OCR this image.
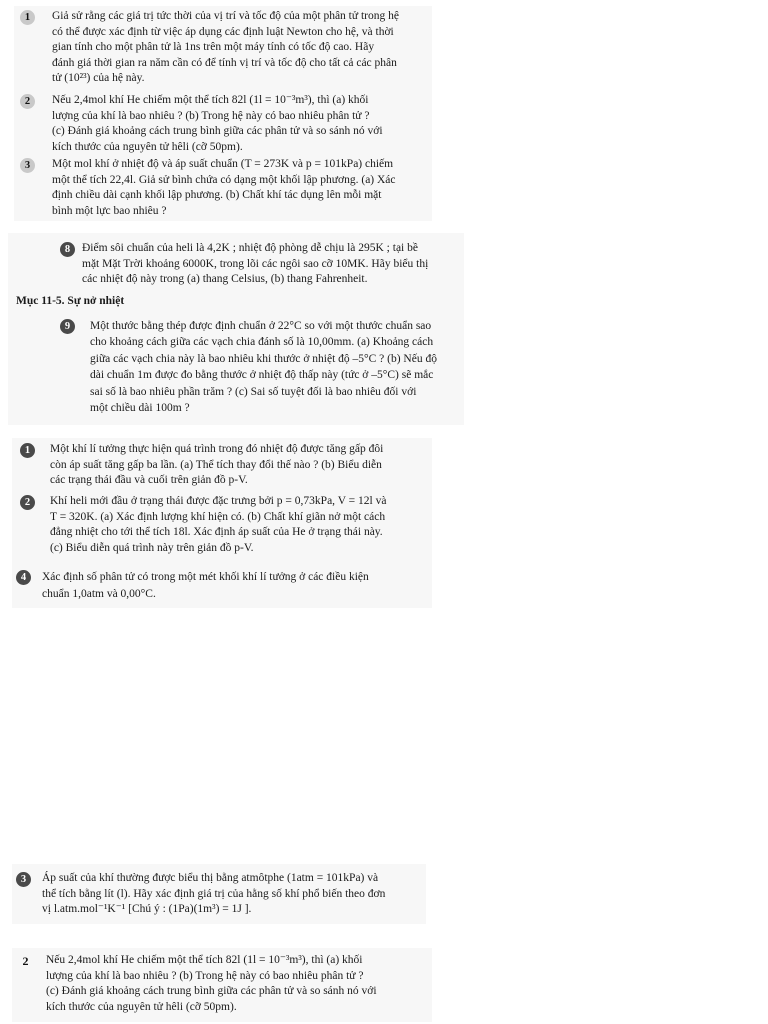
1	Giả sử rằng các giá trị tức thời của vị trí và tốc độ của một phân tử trong hệ
có thể được xác định từ việc áp dụng các định luật Newton cho hệ, và thời
gian tính cho một phân tử là 1ns trên một máy tính có tốc độ cao. Hãy
đánh giá thời gian ra năm cần có để tính vị trí và tốc độ cho tất cả các phân
tử (10²³) của hệ này.
2	Nếu 2,4mol khí He chiếm một thể tích 82l (1l = 10⁻³m³), thì (a) khối
lượng của khí là bao nhiêu ? (b) Trong hệ này có bao nhiêu phân tử ?
(c) Đánh giá khoảng cách trung bình giữa các phân tử và so sánh nó với
kích thước của nguyên tử hêli (cỡ 50pm).
3	Một mol khí ở nhiệt độ và áp suất chuẩn (T = 273K và p = 101kPa) chiếm
một thể tích 22,4l. Giả sử bình chứa có dạng một khối lập phương. (a) Xác
định chiều dài cạnh khối lập phương. (b) Chất khí tác dụng lên mỗi mặt
bình một lực bao nhiêu ?
8	Điểm sôi chuẩn của heli là 4,2K ; nhiệt độ phòng dễ chịu là 295K ; tại bề
mặt Mặt Trời khoảng 6000K, trong lõi các ngôi sao cỡ 10MK. Hãy biểu thị
các nhiệt độ này trong (a) thang Celsius, (b) thang Fahrenheit.
Mục 11-5. Sự nở nhiệt
9	Một thước bằng thép được định chuẩn ở 22°C so với một thước chuẩn sao
cho khoảng cách giữa các vạch chia đánh số là 10,00mm. (a) Khoảng cách
giữa các vạch chia này là bao nhiêu khi thước ở nhiệt độ –5°C ? (b) Nếu độ
dài chuẩn 1m được đo bằng thước ở nhiệt độ thấp này (tức ở –5°C) sẽ mắc
sai số là bao nhiêu phần trăm ? (c) Sai số tuyệt đối là bao nhiêu đối với
một chiều dài 100m ?
1	Một khí lí tưởng thực hiện quá trình trong đó nhiệt độ được tăng gấp đôi
còn áp suất tăng gấp ba lần. (a) Thể tích thay đổi thế nào ? (b) Biểu diễn
các trạng thái đầu và cuối trên giản đồ p-V.
2	Khí heli mới đầu ở trạng thái được đặc trưng bởi p = 0,73kPa, V = 12l và
T = 320K. (a) Xác định lượng khí hiện có. (b) Chất khí giãn nở một cách
đẳng nhiệt cho tới thể tích 18l. Xác định áp suất của He ở trạng thái này.
(c) Biểu diễn quá trình này trên giản đồ p-V.
4	Xác định số phân tử có trong một mét khối khí lí tưởng ở các điều kiện
chuẩn 1,0atm và 0,00°C.
3	Áp suất của khí thường được biểu thị bằng atmôtphe (1atm = 101kPa) và
thể tích bằng lít (l). Hãy xác định giá trị của hằng số khí phổ biến theo đơn
vị l.atm.mol⁻¹K⁻¹ [Chú ý : (1Pa)(1m³) = 1J ].
2	Nếu 2,4mol khí He chiếm một thể tích 82l (1l = 10⁻³m³), thì (a) khối
lượng của khí là bao nhiêu ? (b) Trong hệ này có bao nhiêu phân tử ?
(c) Đánh giá khoảng cách trung bình giữa các phân tử và so sánh nó với
kích thước của nguyên tử hêli (cỡ 50pm).
